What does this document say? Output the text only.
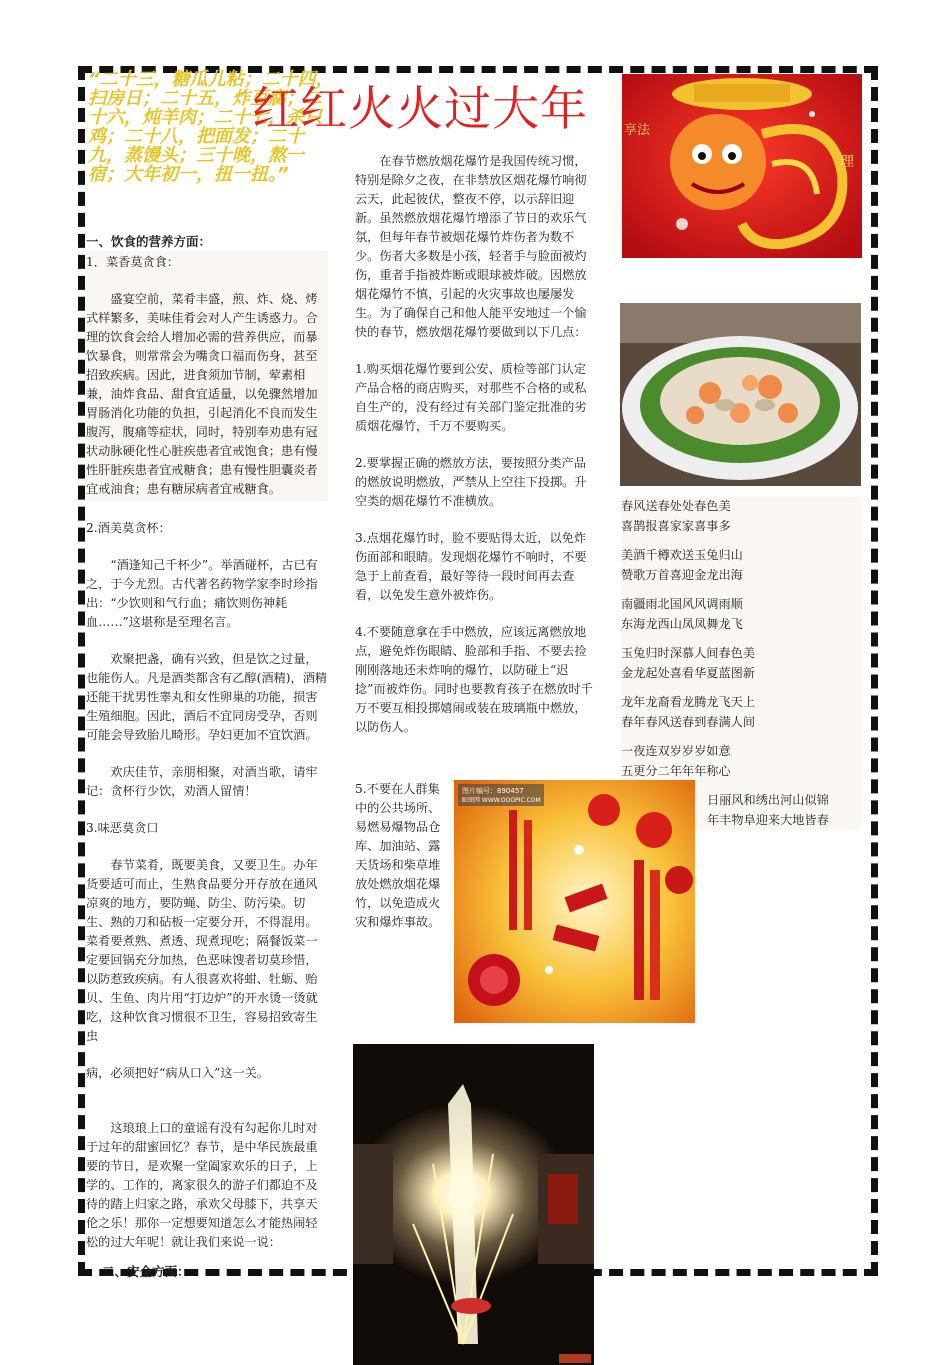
“二十三，糖瓜儿粘；二十四，扫房日；二十五，炸豆腐；二十六，炖羊肉；二十七，杀只鸡；二十八，把面发；二十九，蒸馒头；三十晚，熬一宿；大年初一，扭一扭。”
红红火火过大年

一、饮食的营养方面：

1．菜香莫贪食：

盛宴空前，菜肴丰盛，煎、炸、烧、烤式样繁多，美味佳肴会对人产生诱惑力。合理的饮食会给人增加必需的营养供应，而暴饮暴食，则常常会为嘴贪口福而伤身，甚至招致疾病。因此，进食须加节制，荤素相兼，油炸食品、甜食宜适量，以免骤然增加胃肠消化功能的负担，引起消化不良而发生腹泻，腹痛等症状，同时，特别奉劝患有冠状动脉硬化性心脏疾患者宜戒饱食；患有慢性肝脏疾患者宜戒糖食；患有慢性胆囊炎者宜戒油食；患有糖尿病者宜戒糖食。

2.酒美莫贪杯：

“酒逢知己千杯少”。举酒碰杯，古已有之，于今尤烈。古代著名药物学家李时珍指出：“少饮则和气行血；痛饮则伤神耗血……”这堪称是至理名言。

欢聚把盏，确有兴致，但是饮之过量，也能伤人。凡是酒类都含有乙醇(酒精)，酒精还能干扰男性睾丸和女性卵巢的功能，损害生殖细胞。因此，酒后不宜同房受孕，否则可能会导致胎儿畸形。孕妇更加不宜饮酒。

欢庆佳节，亲朋相聚，对酒当歌，请牢记：贪杯行少饮，劝酒人留情！

3.味恶莫贪口

春节菜肴，既要美食，又要卫生。办年货要适可而止，生熟食品要分开存放在通风凉爽的地方，要防蝇、防尘、防污染。切生、熟的刀和砧板一定要分开，不得混用。菜肴要煮熟、煮透、现煮现吃；隔餐饭菜一定要回锅充分加热，色恶味馊者切莫珍惜，以防惹致疾病。有人很喜欢将蚶、牡蛎、贻贝、生鱼、肉片用“打边炉”的开水烫一烫就吃，这种饮食习惯很不卫生，容易招致寄生虫

病，必须把好“病从口入”这一关。

这琅琅上口的童谣有没有勾起你儿时对于过年的甜蜜回忆？春节，是中华民族最重要的节日，是欢聚一堂阖家欢乐的日子，上学的、工作的，离家很久的游子们都迫不及待的踏上归家之路，承欢父母膝下，共享天伦之乐！那你一定想要知道怎么才能热闹轻松的过大年呢！就让我们来说一说：

二、安全方面：

在春节燃放烟花爆竹是我国传统习惯，特别是除夕之夜，在非禁放区烟花爆竹响彻云天，此起彼伏，整夜不停，以示辞旧迎新。虽然燃放烟花爆竹增添了节日的欢乐气氛，但每年春节被烟花爆竹炸伤者为数不少。伤者大多数是小孩，轻者手与脸面被灼伤，重者手指被炸断或眼球被炸破。因燃放烟花爆竹不慎，引起的火灾事故也屡屡发生。为了确保自己和他人能平安地过一个愉快的春节，燃放烟花爆竹要做到以下几点：

1.购买烟花爆竹要到公安、质检等部门认定产品合格的商店购买，对那些不合格的或私自生产的，没有经过有关部门鉴定批准的劣质烟花爆竹，千万不要购买。

2.要掌握正确的燃放方法，要按照分类产品的燃放说明燃放，严禁从上空往下投掷。升空类的烟花爆竹不准横放。

3.点烟花爆竹时，脸不要贴得太近，以免炸伤面部和眼睛。发现烟花爆竹不响时，不要急于上前查看，最好等待一段时间再去查看，以免发生意外被炸伤。

4.不要随意拿在手中燃放，应该远离燃放地点，避免炸伤眼睛、脸部和手指、不要去捡刚刚落地还未炸响的爆竹，以防碰上“迟捻”而被炸伤。同时也要教育孩子在燃放时千万不要互相投掷嬉闹或装在玻璃瓶中燃放，以防伤人。

5.不要在人群集中的公共场所、易燃易爆物品仓库、加油站、露天货场和柴草堆放处燃放烟花爆竹，以免造成火灾和爆炸事故。

春风送春处处春色美
喜鹊报喜家家喜事多

美酒千樽欢送玉兔归山
赞歌万首喜迎金龙出海

南疆雨北国风风调雨顺
东海龙西山凤凤舞龙飞

玉兔归时深慕人间春色美
金龙起处喜看华夏蓝图新

龙年龙裔看龙腾龙飞天上
春年春风送春到春满人间

一夜连双岁岁岁如意
五更分二年年年称心

日丽风和绣出河山似锦
年丰物阜迎来大地皆春

享法
理
图片编号：890457
昵图网 WWW.OOOPIC.COM
